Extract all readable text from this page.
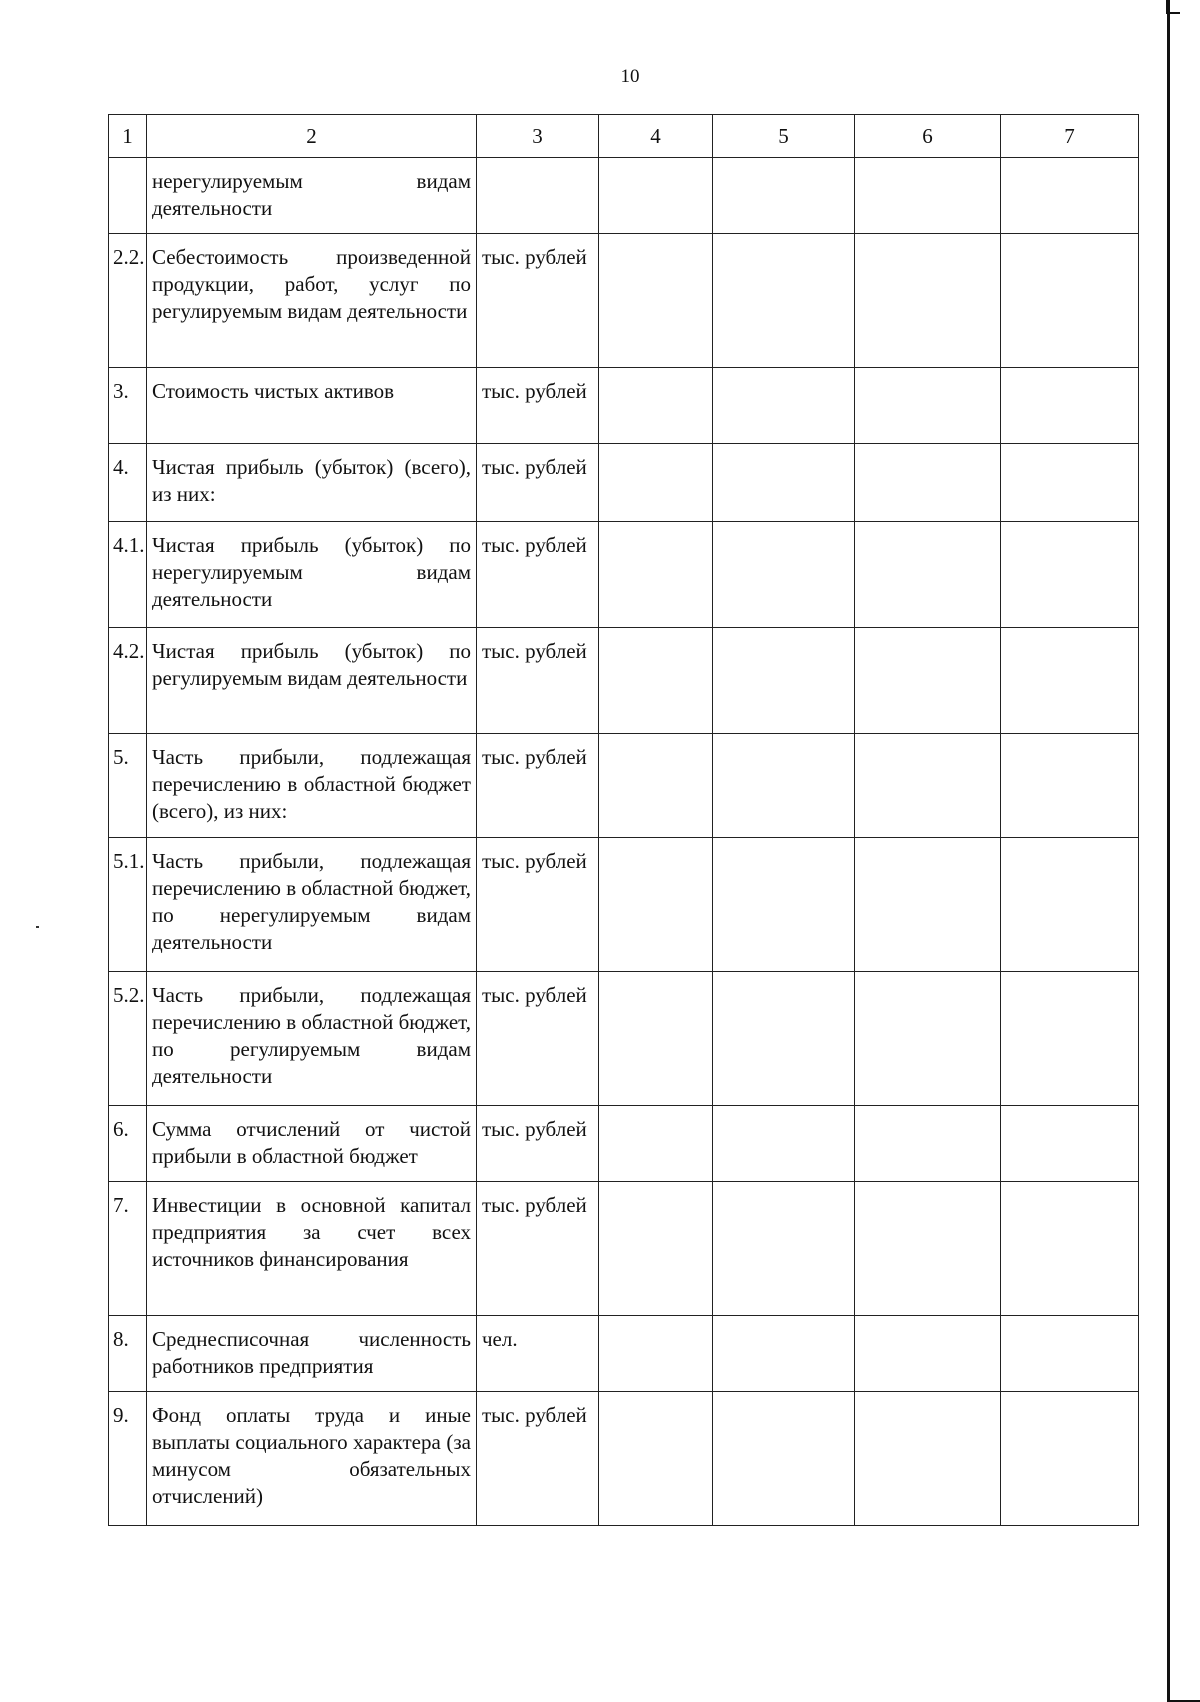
10
1	2	3	4	5	6	7
	нерегулируемым видам деятельности					
2.2.	Себестоимость произведенной продукции, работ, услуг по регулируемым видам деятельности	тыс. рублей				
3.	Стоимость чистых активов	тыс. рублей				
4.	Чистая прибыль (убыток) (всего), из них:	тыс. рублей				
4.1.	Чистая прибыль (убыток) по нерегулируемым видам деятельности	тыс. рублей				
4.2.	Чистая прибыль (убыток) по регулируемым видам деятельности	тыс. рублей				
5.	Часть прибыли, подлежащая перечислению в областной бюджет (всего), из них:	тыс. рублей				
5.1.	Часть прибыли, подлежащая перечислению в областной бюджет, по нерегулируемым видам деятельности	тыс. рублей				
5.2.	Часть прибыли, подлежащая перечислению в областной бюджет, по регулируемым видам деятельности	тыс. рублей				
6.	Сумма отчислений от чистой прибыли в областной бюджет	тыс. рублей				
7.	Инвестиции в основной капитал предприятия за счет всех источников финансирования	тыс. рублей				
8.	Среднесписочная численность работников предприятия	чел.				
9.	Фонд оплаты труда и иные выплаты социального характера (за минусом обязательных отчислений)	тыс. рублей				
